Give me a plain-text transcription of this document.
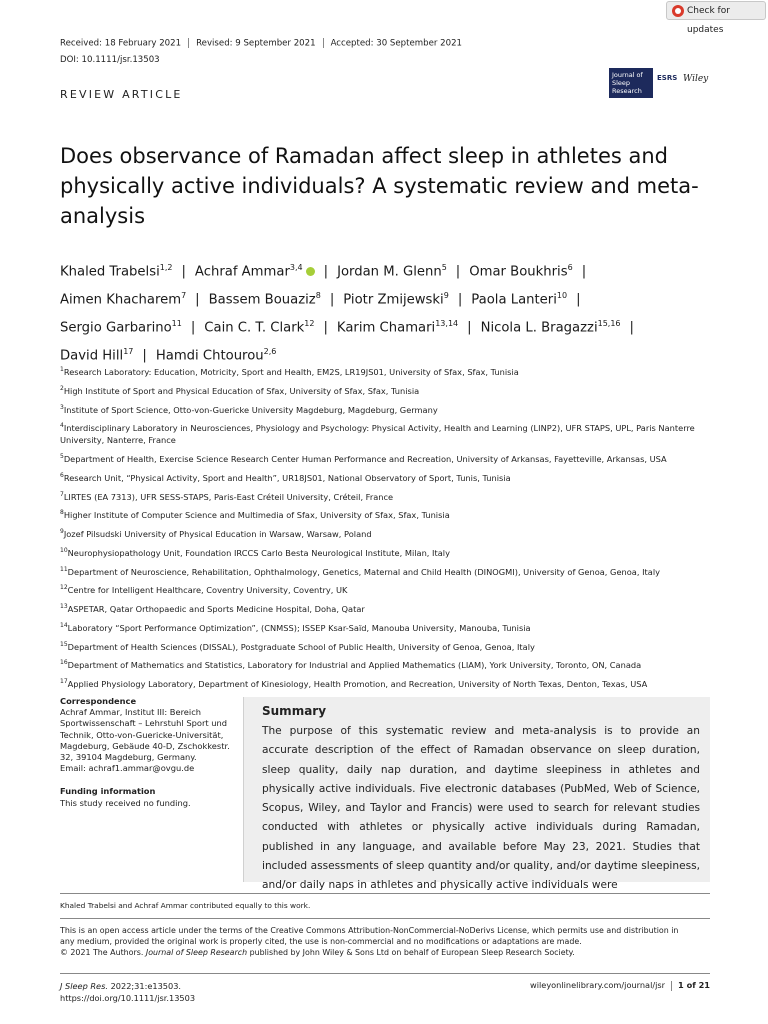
Check for updates
Received: 18 February 2021 Revised: 9 September 2021 Accepted: 30 September 2021
DOI: 10.1111/jsr.13503
Journal of
Sleep
Research
ESRS Wiley
REVIEW ARTICLE
Does observance of Ramadan affect sleep in athletes and physically active individuals? A systematic review and meta-analysis
Khaled Trabelsi$^{1,2}$ | Achraf Ammar$^{3,4}$ | Jordan M. Glenn$^5$ | Omar Boukhris$^6$ |
Aimen Khacharem$^7$ | Bassem Bouaziz$^8$ | Piotr Zmijewski$^9$ | Paola Lanteri$^{10}$ |
Sergio Garbarino$^{11}$ | Cain C. T. Clark$^{12}$ | Karim Chamari$^{13,14}$ | Nicola L. Bragazzi$^{15,16}$ |
David Hill$^{17}$ | Hamdi Chtourou$^{2,6}$

$^1$Research Laboratory: Education, Motricity, Sport and Health, EM2S, LR19JS01, University of Sfax, Sfax, Tunisia

$^2$High Institute of Sport and Physical Education of Sfax, University of Sfax, Sfax, Tunisia

$^3$Institute of Sport Science, Otto-von-Guericke University Magdeburg, Magdeburg, Germany

$^4$Interdisciplinary Laboratory in Neurosciences, Physiology and Psychology: Physical Activity, Health and Learning (LINP2), UFR STAPS, UPL, Paris Nanterre University, Nanterre, France

$^5$Department of Health, Exercise Science Research Center Human Performance and Recreation, University of Arkansas, Fayetteville, Arkansas, USA

$^6$Research Unit, “Physical Activity, Sport and Health”, UR18JS01, National Observatory of Sport, Tunis, Tunisia

$^7$LIRTES (EA 7313), UFR SESS-STAPS, Paris-East Créteil University, Créteil, France

$^8$Higher Institute of Computer Science and Multimedia of Sfax, University of Sfax, Sfax, Tunisia

$^9$Jozef Pilsudski University of Physical Education in Warsaw, Warsaw, Poland

$^{10}$Neurophysiopathology Unit, Foundation IRCCS Carlo Besta Neurological Institute, Milan, Italy

$^{11}$Department of Neuroscience, Rehabilitation, Ophthalmology, Genetics, Maternal and Child Health (DINOGMI), University of Genoa, Genoa, Italy

$^{12}$Centre for Intelligent Healthcare, Coventry University, Coventry, UK

$^{13}$ASPETAR, Qatar Orthopaedic and Sports Medicine Hospital, Doha, Qatar

$^{14}$Laboratory “Sport Performance Optimization”, (CNMSS); ISSEP Ksar-Saïd, Manouba University, Manouba, Tunisia

$^{15}$Department of Health Sciences (DISSAL), Postgraduate School of Public Health, University of Genoa, Genoa, Italy

$^{16}$Department of Mathematics and Statistics, Laboratory for Industrial and Applied Mathematics (LIAM), York University, Toronto, ON, Canada

$^{17}$Applied Physiology Laboratory, Department of Kinesiology, Health Promotion, and Recreation, University of North Texas, Denton, Texas, USA

Correspondence
Achraf Ammar, Institut III: Bereich
Sportwissenschaft – Lehrstuhl Sport und
Technik, Otto-von-Guericke-Universität,
Magdeburg, Gebäude 40-D, Zschokkestr.
32, 39104 Magdeburg, Germany.
Email: achraf1.ammar@ovgu.de
Funding information
This study received no funding.
Summary
The purpose of this systematic review and meta-analysis is to provide an accurate description of the effect of Ramadan observance on sleep duration, sleep quality, daily nap duration, and daytime sleepiness in athletes and physically active individuals. Five electronic databases (PubMed, Web of Science, Scopus, Wiley, and Taylor and Francis) were used to search for relevant studies conducted with athletes or physically active individuals during Ramadan, published in any language, and available before May 23, 2021. Studies that included assessments of sleep quantity and/or quality, and/or daytime sleepiness, and/or daily naps in athletes and physically active individuals were
Khaled Trabelsi and Achraf Ammar contributed equally to this work.
This is an open access article under the terms of the Creative Commons Attribution-NonCommercial-NoDerivs License, which permits use and distribution in
any medium, provided the original work is properly cited, the use is non-commercial and no modifications or adaptations are made.
© 2021 The Authors. Journal of Sleep Research published by John Wiley & Sons Ltd on behalf of European Sleep Research Society.
J Sleep Res. 2022;31:e13503.
https://doi.org/10.1111/jsr.13503
wileyonlinelibrary.com/journal/jsr 1 of 21
